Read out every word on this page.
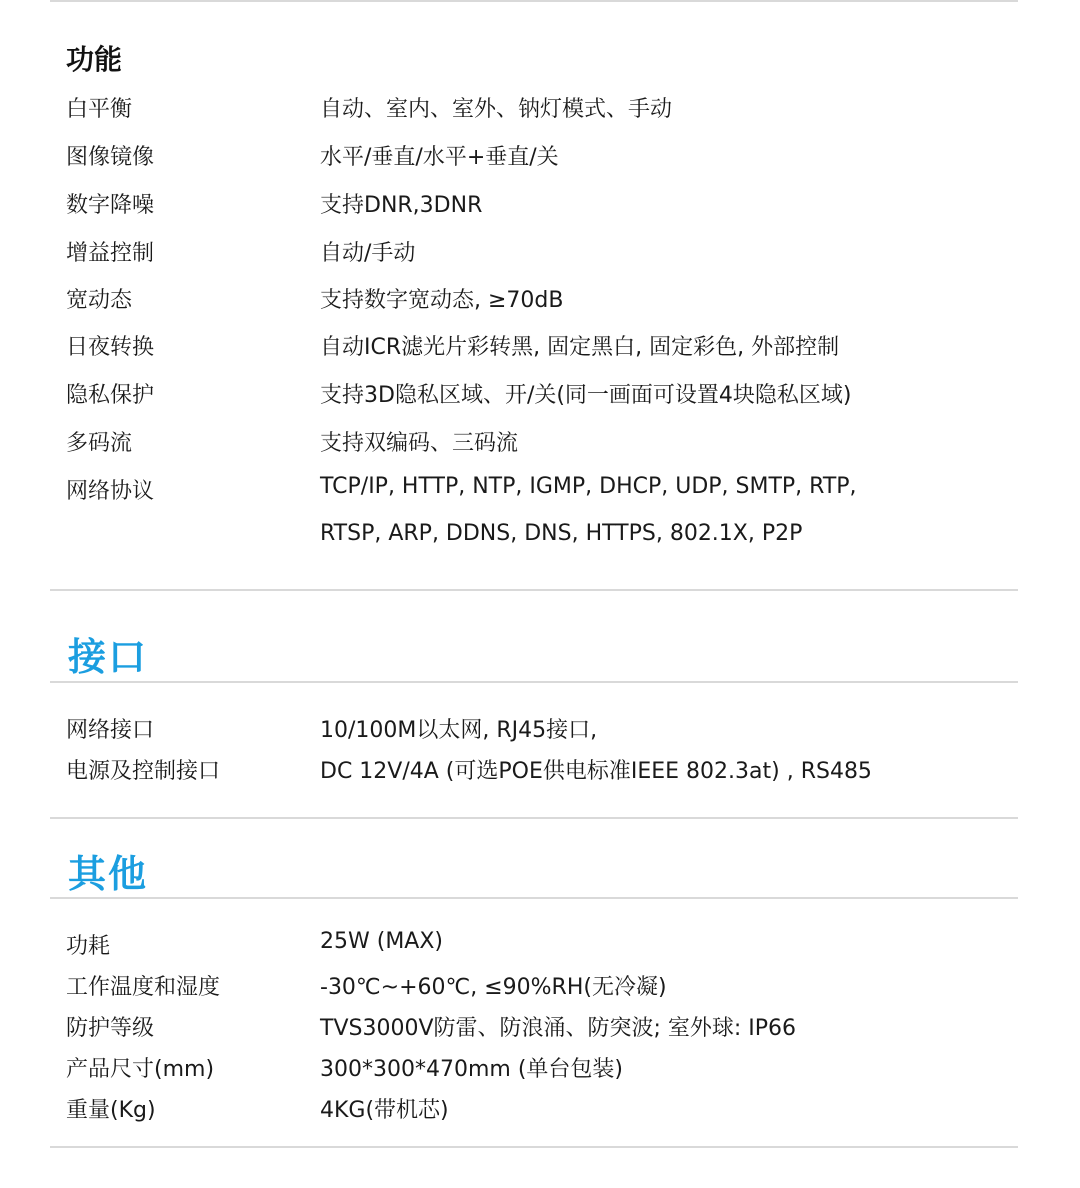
功能
白平衡	自动、室内、室外、钠灯模式、手动
图像镜像	水平/垂直/水平+垂直/关
数字降噪	支持DNR,3DNR
增益控制	自动/手动
宽动态	支持数字宽动态, ≥70dB
日夜转换	自动ICR滤光片彩转黑, 固定黑白, 固定彩色, 外部控制
隐私保护	支持3D隐私区域、开/关(同一画面可设置4块隐私区域)
多码流	支持双编码、三码流
网络协议	TCP/IP, HTTP, NTP, IGMP, DHCP, UDP, SMTP, RTP,
RTSP, ARP, DDNS, DNS, HTTPS, 802.1X, P2P
接口
网络接口	10/100M以太网, RJ45接口,
电源及控制接口	DC 12V/4A (可选POE供电标准IEEE 802.3at) , RS485
其他
功耗	25W (MAX)
工作温度和湿度	-30℃~+60℃, ≤90%RH(无冷凝)
防护等级	TVS3000V防雷、防浪涌、防突波; 室外球: IP66
产品尺寸(mm)	300*300*470mm (单台包装)
重量(Kg)	4KG(带机芯)
